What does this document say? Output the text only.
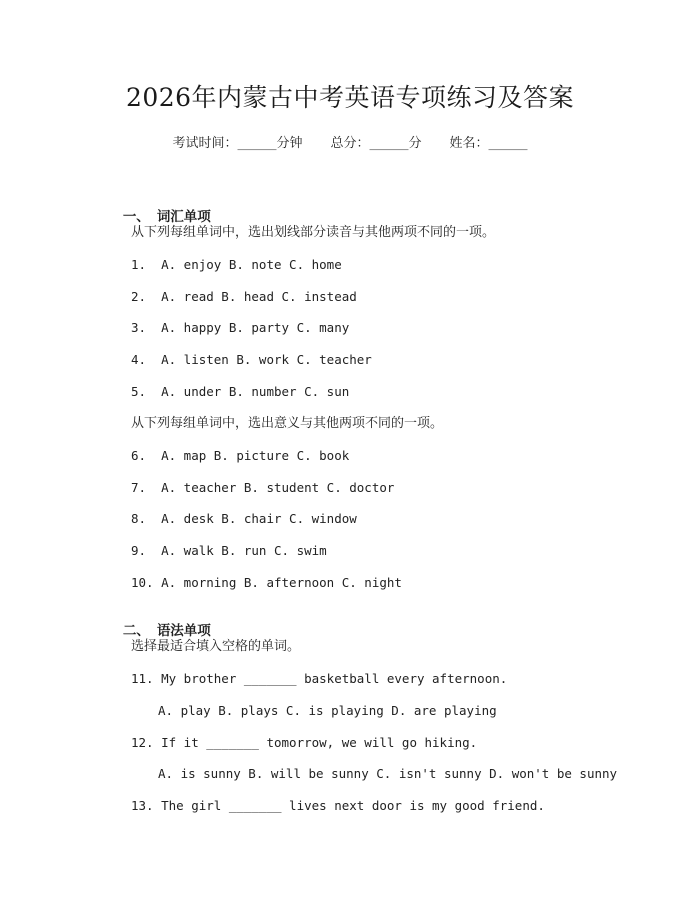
2026年内蒙古中考英语专项练习及答案
考试时间：______分钟 总分：______分 姓名：______

一、 词汇单项

从下列每组单词中，选出划线部分读音与其他两项不同的一项。
1.  A. enjoy B. note C. home
2.  A. read B. head C. instead
3.  A. happy B. party C. many
4.  A. listen B. work C. teacher
5.  A. under B. number C. sun
从下列每组单词中，选出意义与其他两项不同的一项。
6.  A. map B. picture C. book
7.  A. teacher B. student C. doctor
8.  A. desk B. chair C. window
9.  A. walk B. run C. swim
10. A. morning B. afternoon C. night

二、 语法单项

选择最适合填入空格的单词。
11. My brother _______ basketball every afternoon.
A. play B. plays C. is playing D. are playing
12. If it _______ tomorrow, we will go hiking.
A. is sunny B. will be sunny C. isn't sunny D. won't be sunny
13. The girl _______ lives next door is my good friend.
